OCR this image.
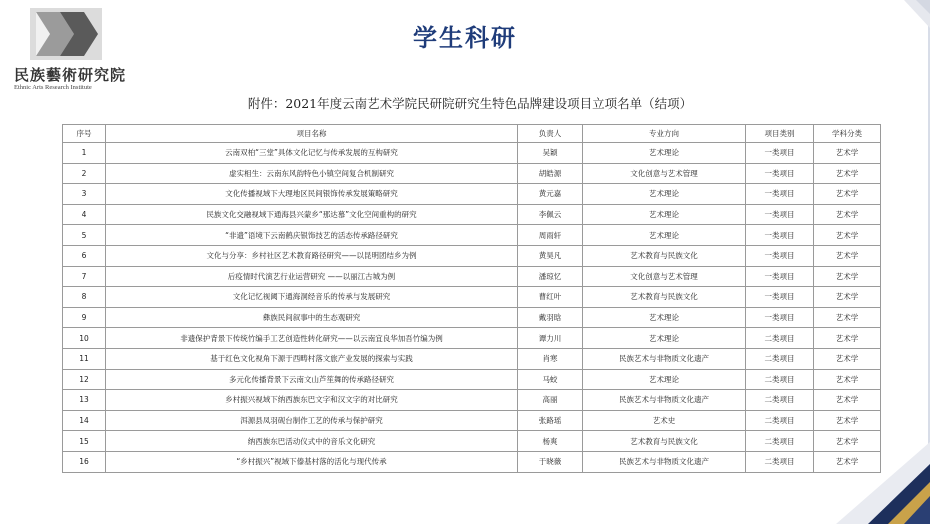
民族藝術研究院
Ethnic Arts Research Institute
学生科研
附件：2021年度云南艺术学院民研院研究生特色品牌建设项目立项名单（结项）
序号	项目名称	负责人	专业方向	项目类别	学科分类
1	云南双柏“三堂”具体文化记忆与传承发展的互构研究	吴颖	艺术理论	一类项目	艺术学
2	虚实相生：云南东风韵特色小镇空间复合机制研究	胡皓源	文化创意与艺术管理	一类项目	艺术学
3	文化传播视域下大理地区民间银饰传承发展策略研究	黄元嘉	艺术理论	一类项目	艺术学
4	民族文化交融视域下通海县兴蒙乡“那达慕”文化空间重构的研究	李佩云	艺术理论	一类项目	艺术学
5	“非遗”语境下云南鹤庆银饰技艺的活态传承路径研究	周雨轩	艺术理论	一类项目	艺术学
6	文化与分享：乡村社区艺术教育路径研究——以昆明团结乡为例	黄昊凡	艺术教育与民族文化	一类项目	艺术学
7	后疫情时代演艺行业运营研究 ——以丽江古城为例	潘琼忆	文化创意与艺术管理	一类项目	艺术学
8	文化记忆视阈下通海洞经音乐的传承与发展研究	曹红叶	艺术教育与民族文化	一类项目	艺术学
9	彝族民间叙事中的生态观研究	戴羽晗	艺术理论	一类项目	艺术学
10	非遗保护背景下传统竹编手工艺创造性转化研究——以云南宜良华加吾竹编为例	谭力川	艺术理论	二类项目	艺术学
11	基于红色文化视角下源于西畴村落文旅产业发展的探索与实践	肖寒	民族艺术与非物质文化遗产	二类项目	艺术学
12	多元化传播背景下云南文山芦笙舞的传承路径研究	马蛟	艺术理论	二类项目	艺术学
13	乡村振兴视域下纳西族东巴文字和汉文字的对比研究	高丽	民族艺术与非物质文化遗产	二类项目	艺术学
14	洱源县凤羽砚台制作工艺的传承与保护研究	张路瑶	艺术史	二类项目	艺术学
15	纳西族东巴活动仪式中的音乐文化研究	杨爽	艺术教育与民族文化	二类项目	艺术学
16	“乡村振兴”视域下傣基村落的活化与现代传承	于晓薇	民族艺术与非物质文化遗产	二类项目	艺术学
